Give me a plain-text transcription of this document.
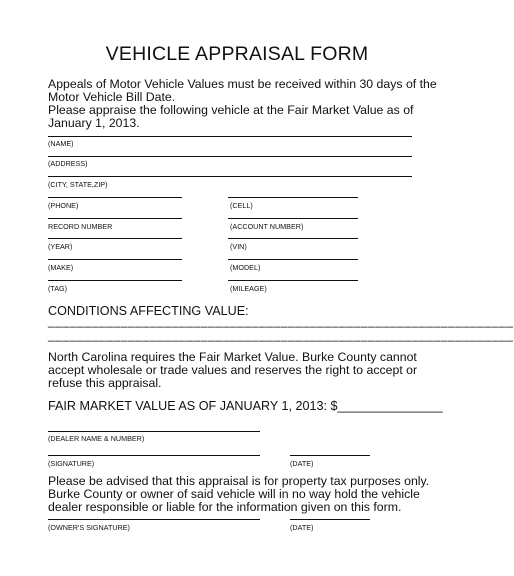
VEHICLE APPRAISAL FORM
Appeals of Motor Vehicle Values must be received within 30 days of the Motor Vehicle Bill Date.
Please appraise the following vehicle at the Fair Market Value as of January 1, 2013.
(NAME)
(ADDRESS)
(CITY, STATE,ZIP)
(PHONE)	(CELL)
RECORD NUMBER	(ACCOUNT NUMBER)
(YEAR)	(VIN)
(MAKE)	(MODEL)
(TAG)	(MILEAGE)
CONDITIONS AFFECTING VALUE:
________________________________________________________________
________________________________________________________________
North Carolina requires the Fair Market Value. Burke County cannot accept wholesale or trade values and reserves the right to accept or refuse this appraisal.
FAIR MARKET VALUE AS OF JANUARY 1, 2013: $_______________
(DEALER NAME & NUMBER)
(SIGNATURE)	(DATE)
Please be advised that this appraisal is for property tax purposes only. Burke County or owner of said vehicle will in no way hold the vehicle dealer responsible or liable for the information given on this form.
(OWNER'S SIGNATURE)	(DATE)
